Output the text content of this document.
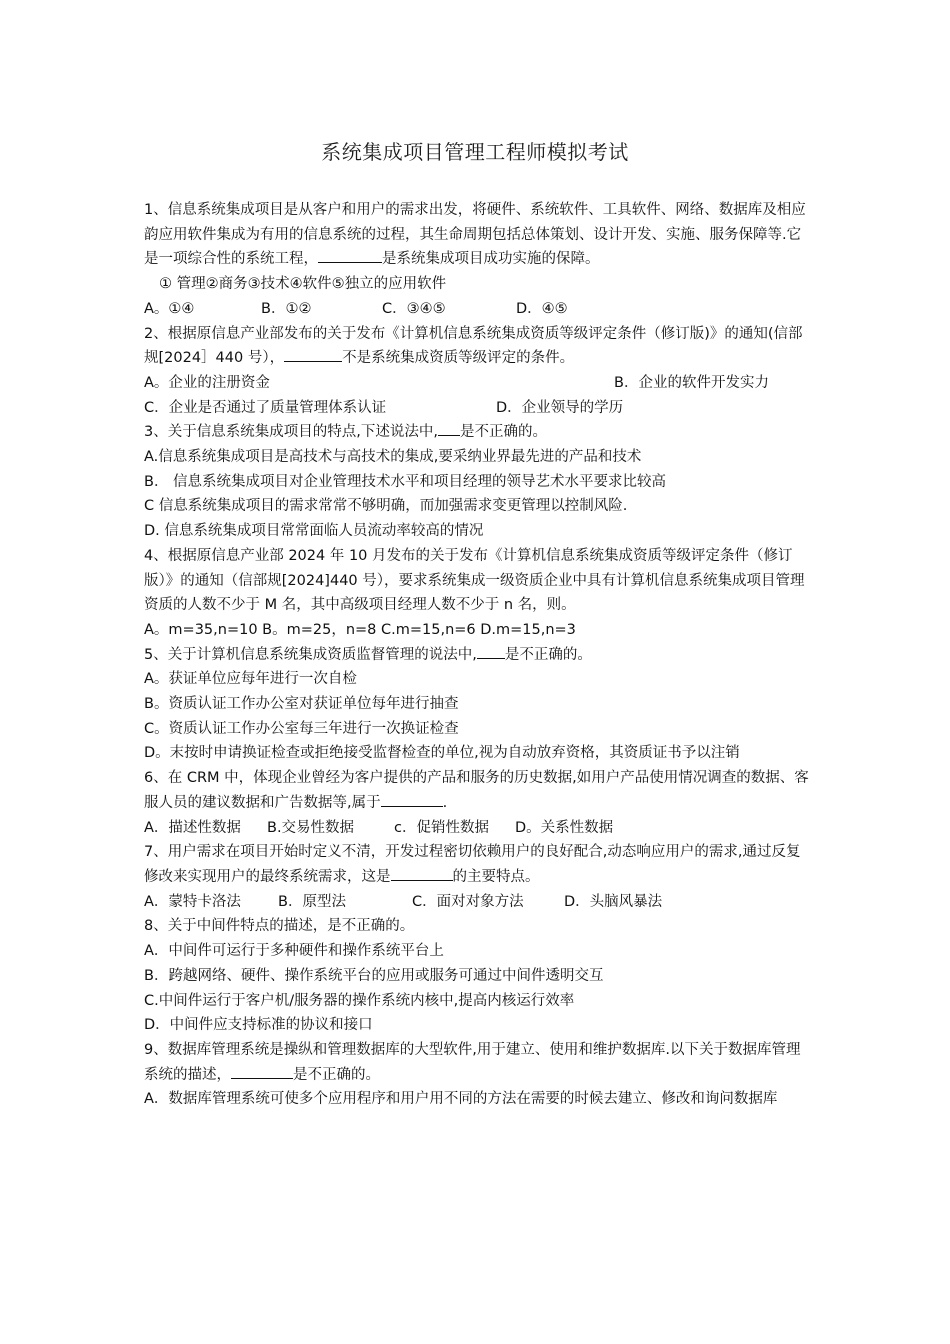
系统集成项目管理工程师模拟考试
1、信息系统集成项目是从客户和用户的需求出发，将硬件、系统软件、工具软件、网络、数据库及相应韵应用软件集成为有用的信息系统的过程，其生命周期包括总体策划、设计开发、实施、服务保障等.它是一项综合性的系统工程，	是系统集成项目成功实施的保障。
① 管理②商务③技术④软件⑤独立的应用软件
A。①④	B．①②	C．③④⑤	D．④⑤
2、根据原信息产业部发布的关于发布《计算机信息系统集成资质等级评定条件（修订版)》的通知(信部规[2024］440 号），	不是系统集成资质等级评定的条件。
A。企业的注册资金	B．企业的软件开发实力
C．企业是否通过了质量管理体系认证	D．企业领导的学历
3、关于信息系统集成项目的特点,下述说法中, 是不正确的。
A.信息系统集成项目是高技术与高技术的集成,要采纳业界最先进的产品和技术
B． 信息系统集成项目对企业管理技术水平和项目经理的领导艺术水平要求比较高
C 信息系统集成项目的需求常常不够明确，而加强需求变更管理以控制风险.
D. 信息系统集成项目常常面临人员流动率较高的情况
4、根据原信息产业部 2024 年 10 月发布的关于发布《计算机信息系统集成资质等级评定条件（修订版）》的通知（信部规[2024]440 号），要求系统集成一级资质企业中具有计算机信息系统集成项目管理资质的人数不少于 M 名，其中高级项目经理人数不少于 n 名，则。
A。m=35,n=10 B。m=25，n=8 C.m=15,n=6 D.m=15,n=3
5、关于计算机信息系统集成资质监督管理的说法中, 是不正确的。
A。获证单位应每年进行一次自检
B。资质认证工作办公室对获证单位每年进行抽查
C。资质认证工作办公室每三年进行一次换证检查
D。末按时申请换证检查或拒绝接受监督检查的单位,视为自动放弃资格，其资质证书予以注销
6、在 CRM 中，体现企业曾经为客户提供的产品和服务的历史数据,如用户产品使用情况调查的数据、客服人员的建议数据和广告数据等,属于	.
A．描述性数据 B.交易性数据	c．促销性数据 D。关系性数据
7、用户需求在项目开始时定义不清，开发过程密切依赖用户的良好配合,动态响应用户的需求,通过反复修改来实现用户的最终系统需求，这是	的主要特点。
A．蒙特卡洛法	B．原型法	C．面对对象方法	D．头脑风暴法
8、关于中间件特点的描述，是不正确的。
A．中间件可运行于多种硬件和操作系统平台上
B．跨越网络、硬件、操作系统平台的应用或服务可通过中间件透明交互
C.中间件运行于客户机/服务器的操作系统内核中,提高内核运行效率
D．中间件应支持标准的协议和接口
9、数据库管理系统是操纵和管理数据库的大型软件,用于建立、使用和维护数据库.以下关于数据库管理系统的描述，	是不正确的。
A．数据库管理系统可使多个应用程序和用户用不同的方法在需要的时候去建立、修改和询问数据库
